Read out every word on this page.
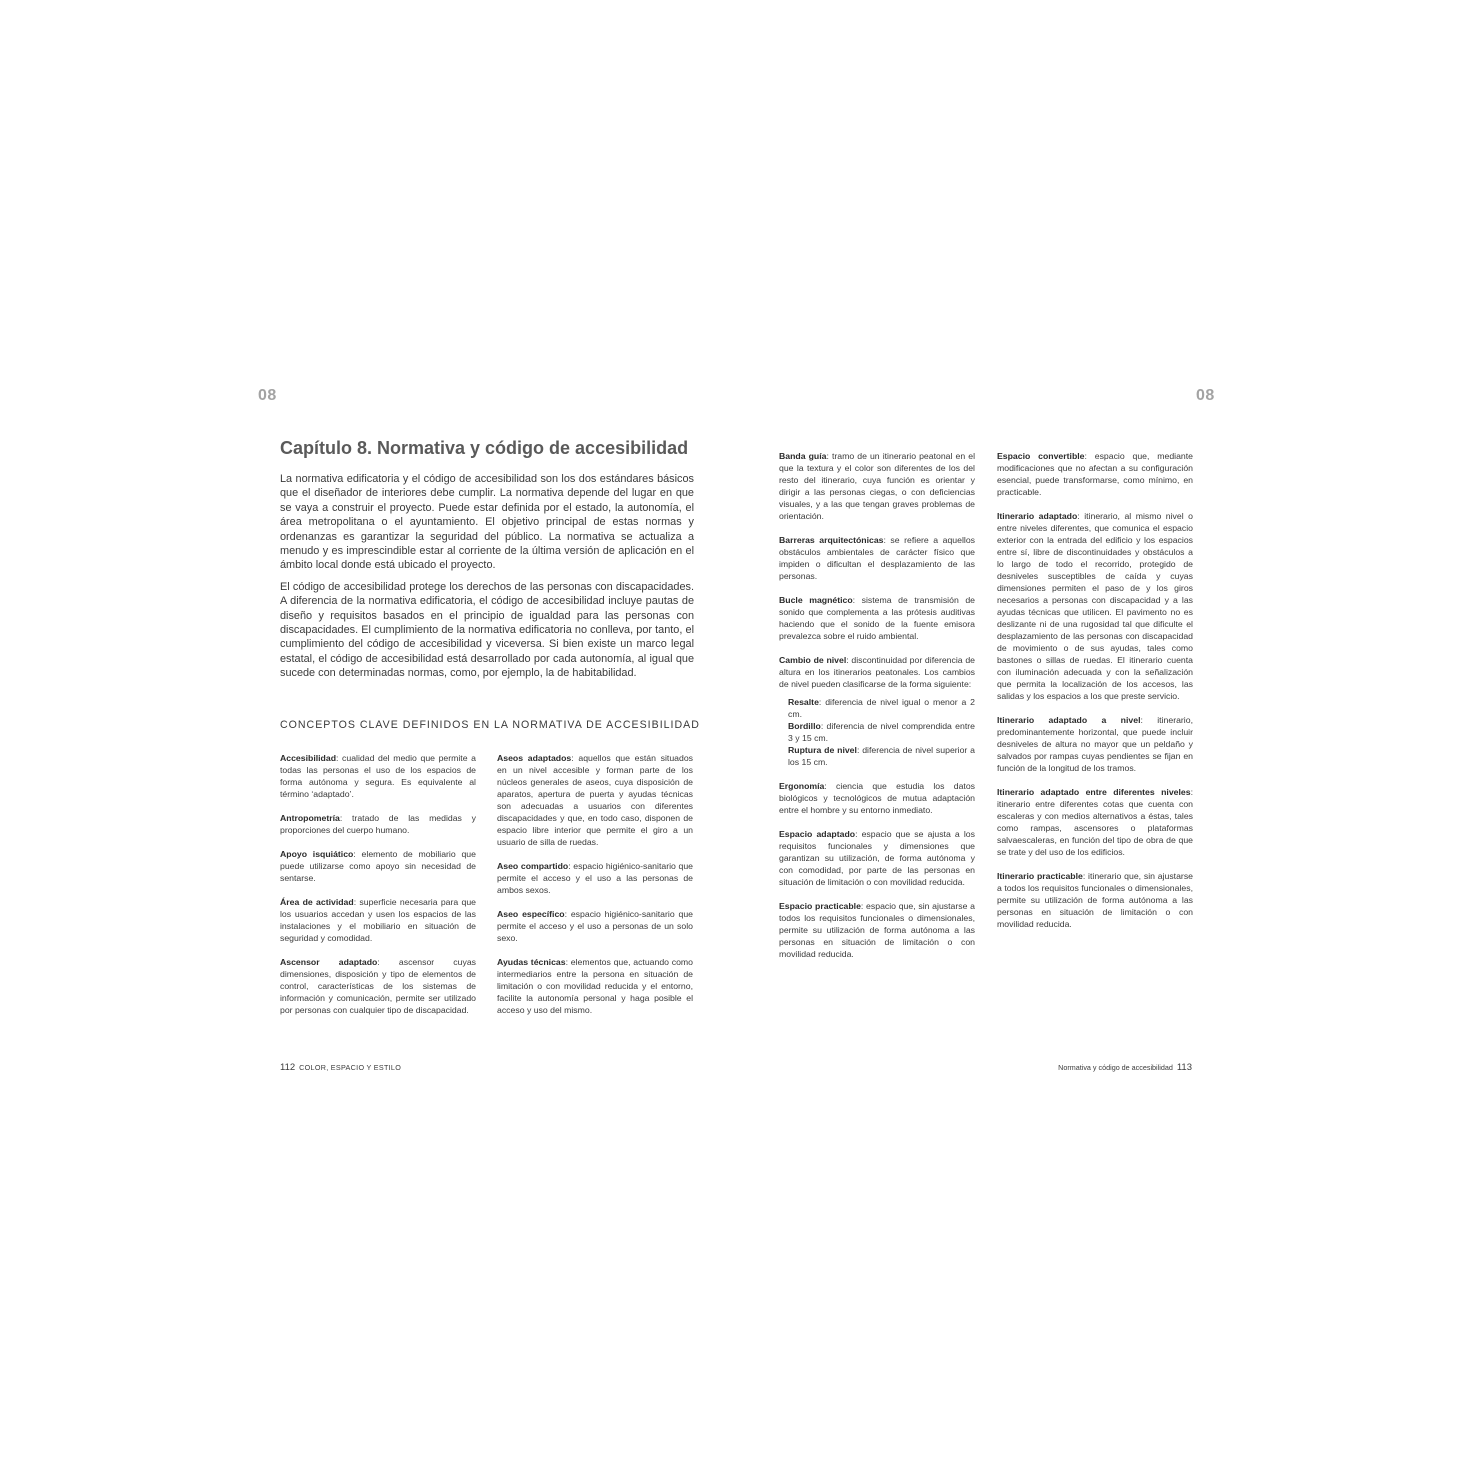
08	08
Capítulo 8. Normativa y código de accesibilidad

La normativa edificatoria y el código de accesibilidad son los dos estándares básicos que el diseñador de interiores debe cumplir. La normativa depende del lugar en que se vaya a construir el proyecto. Puede estar definida por el estado, la autonomía, el área metropolitana o el ayuntamiento. El objetivo principal de estas normas y ordenanzas es garantizar la seguridad del público. La normativa se actualiza a menudo y es imprescindible estar al corriente de la última versión de aplicación en el ámbito local donde está ubicado el proyecto.

El código de accesibilidad protege los derechos de las personas con discapacidades. A diferencia de la normativa edificatoria, el código de accesibilidad incluye pautas de diseño y requisitos basados en el principio de igualdad para las personas con discapacidades. El cumplimiento de la normativa edificatoria no conlleva, por tanto, el cumplimiento del código de accesibilidad y viceversa. Si bien existe un marco legal estatal, el código de accesibilidad está desarrollado por cada autonomía, al igual que sucede con determinadas normas, como, por ejemplo, la de habitabilidad.

CONCEPTOS CLAVE DEFINIDOS EN LA NORMATIVA DE ACCESIBILIDAD

Accesibilidad: cualidad del medio que permite a todas las personas el uso de los espacios de forma autónoma y segura. Es equivalente al término ‘adaptado’.

Antropometría: tratado de las medidas y proporciones del cuerpo humano.

Apoyo isquiático: elemento de mobiliario que puede utilizarse como apoyo sin necesidad de sentarse.

Área de actividad: superficie necesaria para que los usuarios accedan y usen los espacios de las instalaciones y el mobiliario en situación de seguridad y comodidad.

Ascensor adaptado: ascensor cuyas dimensiones, disposición y tipo de elementos de control, características de los sistemas de información y comunicación, permite ser utilizado por personas con cualquier tipo de discapacidad.

Aseos adaptados: aquellos que están situados en un nivel accesible y forman parte de los núcleos generales de aseos, cuya disposición de aparatos, apertura de puerta y ayudas técnicas son adecuadas a usuarios con diferentes discapacidades y que, en todo caso, disponen de espacio libre interior que permite el giro a un usuario de silla de ruedas.

Aseo compartido: espacio higiénico-sanitario que permite el acceso y el uso a las personas de ambos sexos.

Aseo específico: espacio higiénico-sanitario que permite el acceso y el uso a personas de un solo sexo.

Ayudas técnicas: elementos que, actuando como intermediarios entre la persona en situación de limitación o con movilidad reducida y el entorno, facilite la autonomía personal y haga posible el acceso y uso del mismo.

Banda guía: tramo de un itinerario peatonal en el que la textura y el color son diferentes de los del resto del itinerario, cuya función es orientar y dirigir a las personas ciegas, o con deficiencias visuales, y a las que tengan graves problemas de orientación.

Barreras arquitectónicas: se refiere a aquellos obstáculos ambientales de carácter físico que impiden o dificultan el desplazamiento de las personas.

Bucle magnético: sistema de transmisión de sonido que complementa a las prótesis auditivas haciendo que el sonido de la fuente emisora prevalezca sobre el ruido ambiental.

Cambio de nivel: discontinuidad por diferencia de altura en los itinerarios peatonales. Los cambios de nivel pueden clasificarse de la forma siguiente:

Resalte: diferencia de nivel igual o menor a 2 cm.

Bordillo: diferencia de nivel comprendida entre 3 y 15 cm.

Ruptura de nivel: diferencia de nivel superior a los 15 cm.

Ergonomía: ciencia que estudia los datos biológicos y tecnológicos de mutua adaptación entre el hombre y su entorno inmediato.

Espacio adaptado: espacio que se ajusta a los requisitos funcionales y dimensiones que garantizan su utilización, de forma autónoma y con comodidad, por parte de las personas en situación de limitación o con movilidad reducida.

Espacio practicable: espacio que, sin ajustarse a todos los requisitos funcionales o dimensionales, permite su utilización de forma autónoma a las personas en situación de limitación o con movilidad reducida.

Espacio convertible: espacio que, mediante modificaciones que no afectan a su configuración esencial, puede transformarse, como mínimo, en practicable.

Itinerario adaptado: itinerario, al mismo nivel o entre niveles diferentes, que comunica el espacio exterior con la entrada del edificio y los espacios entre sí, libre de discontinuidades y obstáculos a lo largo de todo el recorrido, protegido de desniveles susceptibles de caída y cuyas dimensiones permiten el paso de y los giros necesarios a personas con discapacidad y a las ayudas técnicas que utilicen. El pavimento no es deslizante ni de una rugosidad tal que dificulte el desplazamiento de las personas con discapacidad de movimiento o de sus ayudas, tales como bastones o sillas de ruedas. El itinerario cuenta con iluminación adecuada y con la señalización que permita la localización de los accesos, las salidas y los espacios a los que preste servicio.

Itinerario adaptado a nivel: itinerario, predominantemente horizontal, que puede incluir desniveles de altura no mayor que un peldaño y salvados por rampas cuyas pendientes se fijan en función de la longitud de los tramos.

Itinerario adaptado entre diferentes niveles: itinerario entre diferentes cotas que cuenta con escaleras y con medios alternativos a éstas, tales como rampas, ascensores o plataformas salvaescaleras, en función del tipo de obra de que se trate y del uso de los edificios.

Itinerario practicable: itinerario que, sin ajustarse a todos los requisitos funcionales o dimensionales, permite su utilización de forma autónoma a las personas en situación de limitación o con movilidad reducida.

112 COLOR, ESPACIO Y ESTILO	Normativa y código de accesibilidad 113
